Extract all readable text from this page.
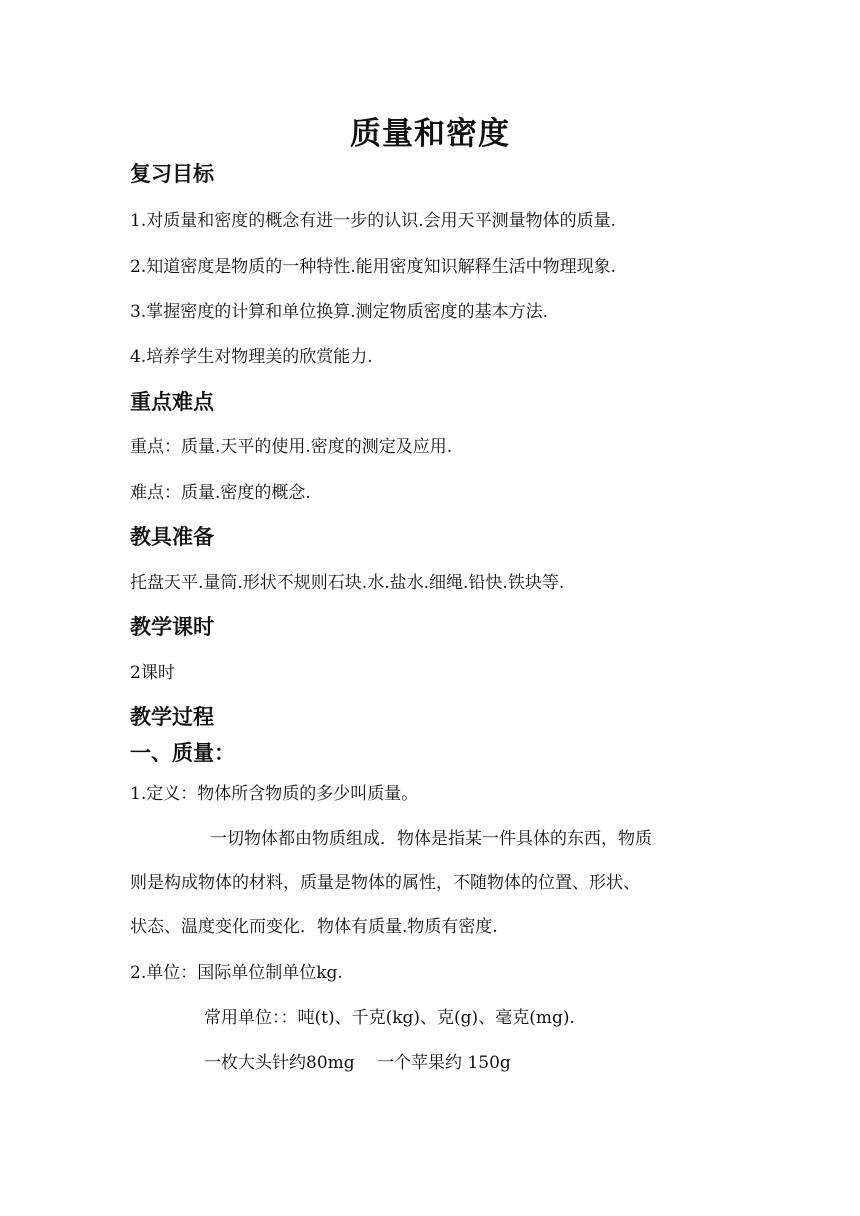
质量和密度
复习目标
1.对质量和密度的概念有进一步的认识.会用天平测量物体的质量.
2.知道密度是物质的一种特性.能用密度知识解释生活中物理现象.
3.掌握密度的计算和单位换算.测定物质密度的基本方法.
4.培养学生对物理美的欣赏能力.
重点难点
重点：质量.天平的使用.密度的测定及应用.
难点：质量.密度的概念.
教具准备
托盘天平.量筒.形状不规则石块.水.盐水.细绳.铅快.铁块等.
教学课时
2课时
教学过程
一、质量：
1.定义：物体所含物质的多少叫质量。
一切物体都由物质组成．物体是指某一件具体的东西，物质
则是构成物体的材料，质量是物体的属性，不随物体的位置、形状、
状态、温度变化而变化．物体有质量.物质有密度.
2.单位：国际单位制单位kg.
常用单位：：吨(t)、千克(kg)、克(g)、毫克(mg).
一枚大头针约80mg　 一个苹果约 150g
